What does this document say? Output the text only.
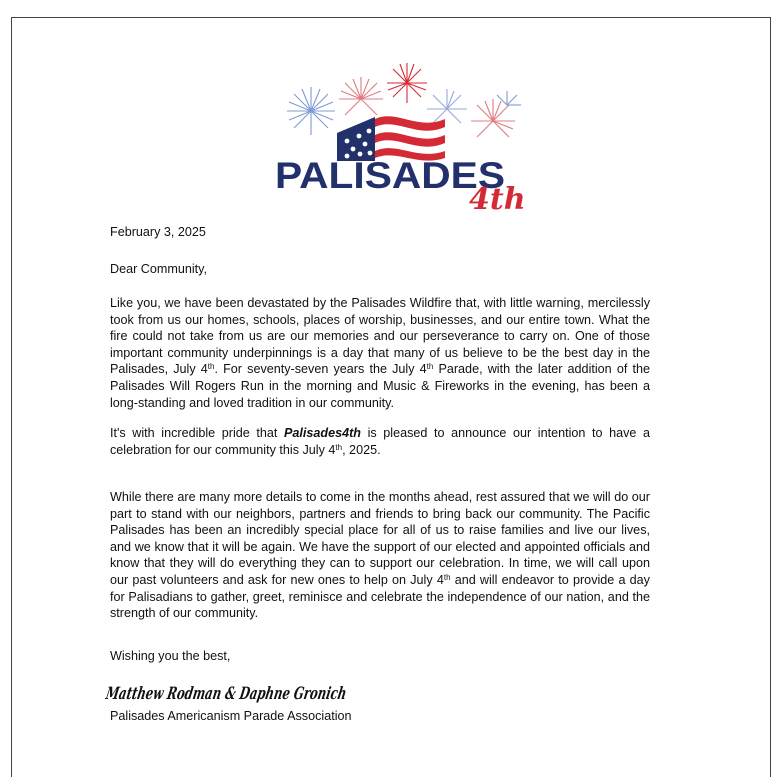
PALISADES
4th
February 3, 2025
Dear Community,

Like you, we have been devastated by the Palisades Wildfire that, with little warning, mercilessly took from us our homes, schools, places of worship, businesses, and our entire town. What the fire could not take from us are our memories and our perseverance to carry on. One of those important community underpinnings is a day that many of us believe to be the best day in the Palisades, July 4th. For seventy-seven years the July 4th Parade, with the later addition of the Palisades Will Rogers Run in the morning and Music & Fireworks in the evening, has been a long-standing and loved tradition in our community.

It's with incredible pride that Palisades4th is pleased to announce our intention to have a celebration for our community this July 4th, 2025.

While there are many more details to come in the months ahead, rest assured that we will do our part to stand with our neighbors, partners and friends to bring back our community. The Pacific Palisades has been an incredibly special place for all of us to raise families and live our lives, and we know that it will be again. We have the support of our elected and appointed officials and know that they will do everything they can to support our celebration. In time, we will call upon our past volunteers and ask for new ones to help on July 4th and will endeavor to provide a day for Palisadians to gather, greet, reminisce and celebrate the independence of our nation, and the strength of our community.

Wishing you the best,
Matthew Rodman & Daphne Gronich
Palisades Americanism Parade Association
